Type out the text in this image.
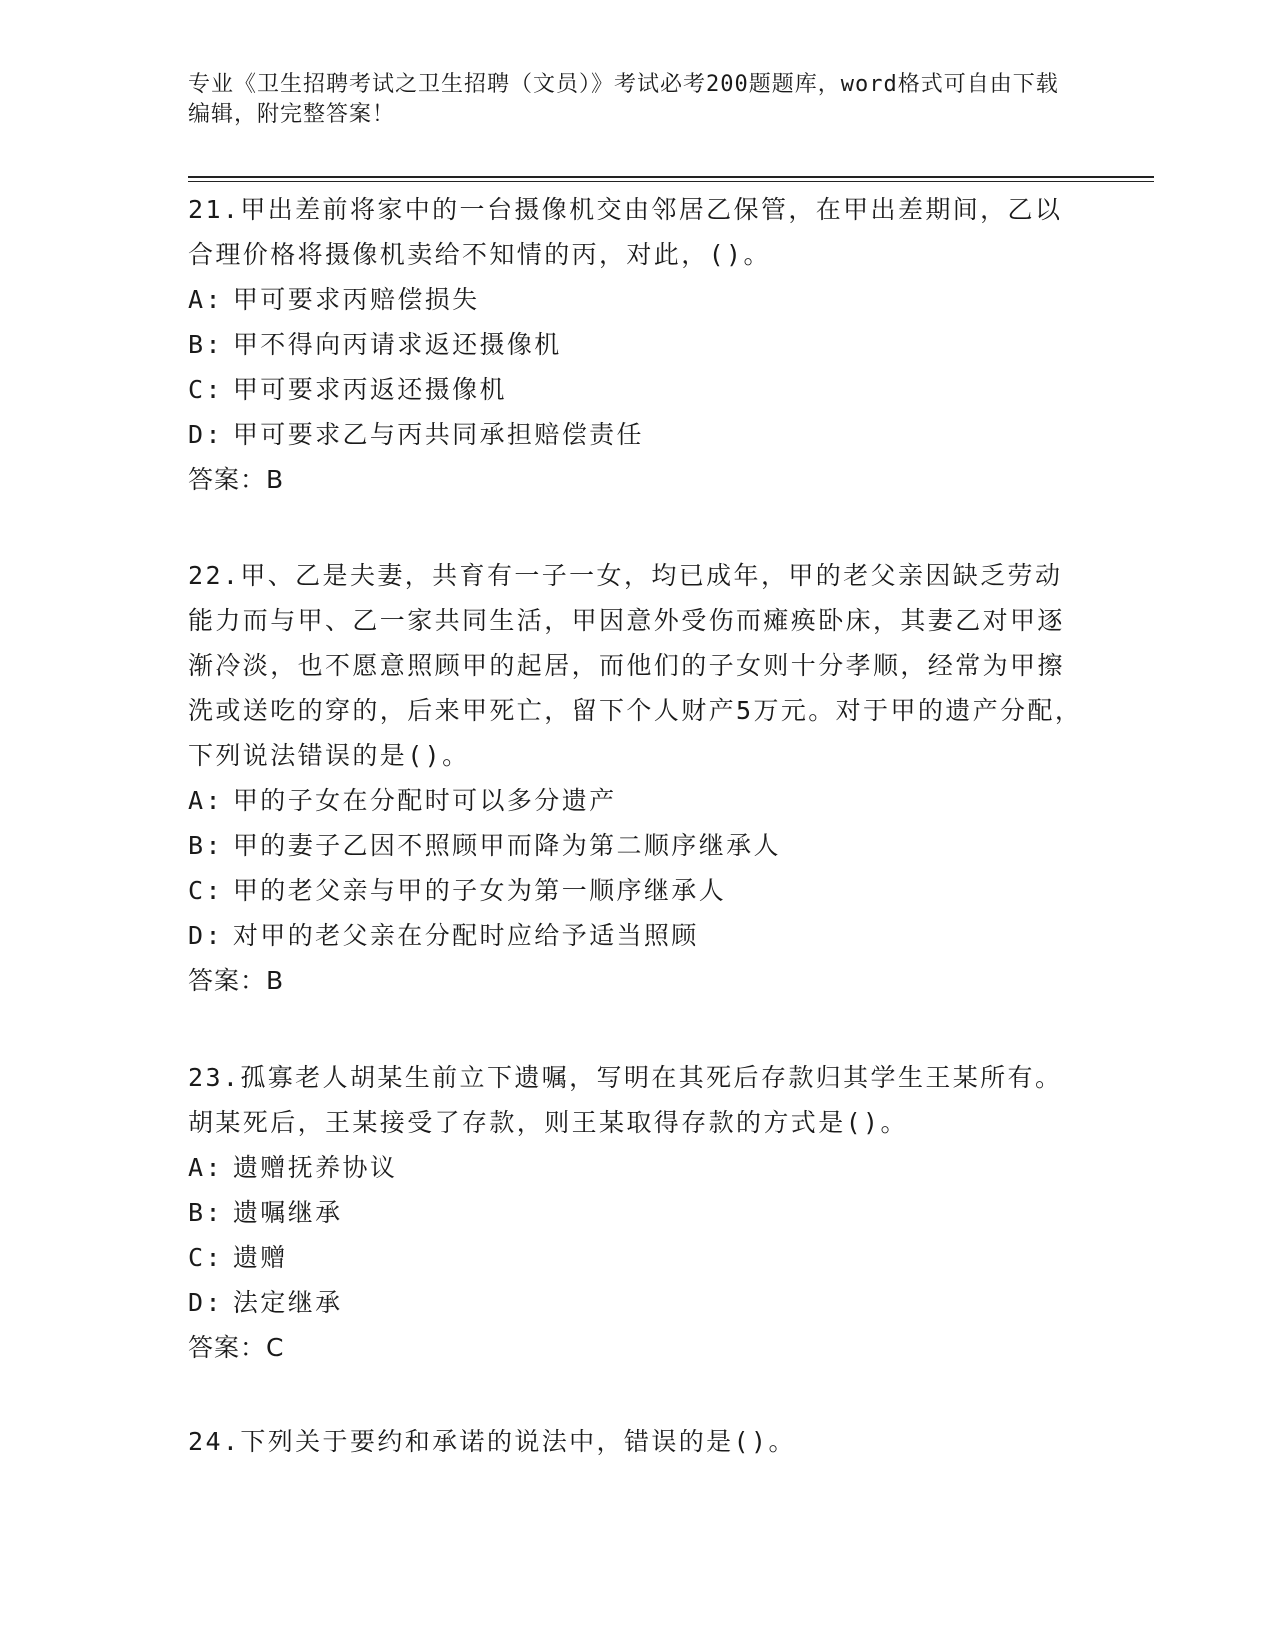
专业《卫生招聘考试之卫生招聘（文员）》考试必考200题题库，word格式可自由下载编辑，附完整答案！

21.甲出差前将家中的一台摄像机交由邻居乙保管，在甲出差期间，乙以合理价格将摄像机卖给不知情的丙，对此，()。

A: 甲可要求丙赔偿损失

B: 甲不得向丙请求返还摄像机

C: 甲可要求丙返还摄像机

D: 甲可要求乙与丙共同承担赔偿责任

答案：B

22.甲、乙是夫妻，共育有一子一女，均已成年，甲的老父亲因缺乏劳动能力而与甲、乙一家共同生活，甲因意外受伤而瘫痪卧床，其妻乙对甲逐渐冷淡，也不愿意照顾甲的起居，而他们的子女则十分孝顺，经常为甲擦洗或送吃的穿的，后来甲死亡，留下个人财产5万元。对于甲的遗产分配，下列说法错误的是()。

A: 甲的子女在分配时可以多分遗产

B: 甲的妻子乙因不照顾甲而降为第二顺序继承人

C: 甲的老父亲与甲的子女为第一顺序继承人

D: 对甲的老父亲在分配时应给予适当照顾

答案：B

23.孤寡老人胡某生前立下遗嘱，写明在其死后存款归其学生王某所有。胡某死后，王某接受了存款，则王某取得存款的方式是()。

A: 遗赠抚养协议

B: 遗嘱继承

C: 遗赠

D: 法定继承

答案：C

24.下列关于要约和承诺的说法中，错误的是()。
